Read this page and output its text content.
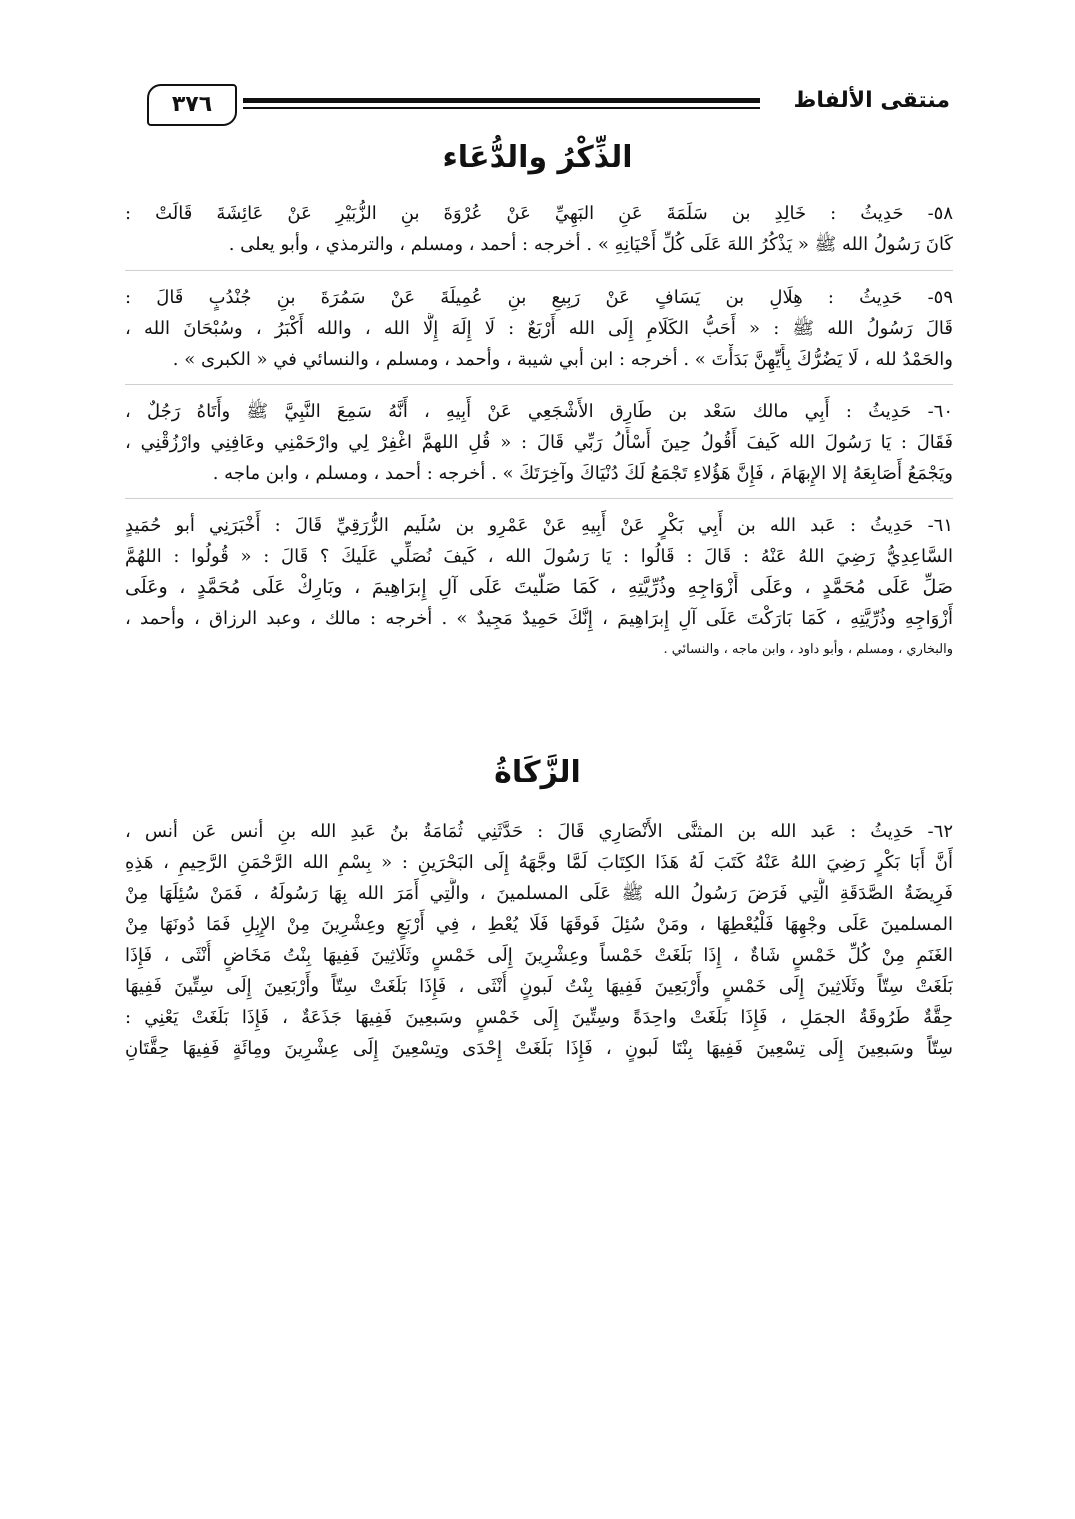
منتقى الألفاظ
٣٧٦
الذِّكْرُ والدُّعَاء
٥٨- حَدِيثُ : خَالِدِ بن سَلَمَةَ عَنِ البَهِيِّ عَنْ عُرْوَةَ بنِ الزُّبَيْرِ عَنْ عَائِشَةَ قَالَتْ :
كَانَ رَسُولُ الله ﷺ « يَذْكُرُ اللهَ عَلَى كُلِّ أَحْيَانِهِ » . أخرجه : أحمد ، ومسلم ، والترمذي ، وأبو يعلى .
٥٩- حَدِيثُ : هِلَالِ بن يَسَافٍ عَنْ رَبِيعِ بنِ عُمِيلَةَ عَنْ سَمُرَةَ بنِ جُنْدُبٍ قَالَ :
قَالَ رَسُولُ الله ﷺ : « أَحَبُّ الكَلَامِ إِلَى الله أَرْبَعٌ : لَا إِلَهَ إِلَّا الله ، والله أَكْبَرُ ، وسُبْحَانَ الله ،
والحَمْدُ لله ، لَا يَضُرُّكَ بِأَيِّهِنَّ بَدَأْتَ » . أخرجه : ابن أبي شيبة ، وأحمد ، ومسلم ، والنسائي في « الكبرى » .
٦٠- حَدِيثُ : أَبِي مالك سَعْد بن طَارِق الأَشْجَعِي عَنْ أَبِيهِ ، أَنَّهُ سَمِعَ النَّبِيَّ ﷺ وأَتَاهُ رَجُلٌ ،
فَقَالَ : يَا رَسُولَ الله كَيفَ أَقُولُ حِينَ أَسْأَلُ رَبِّي قَالَ : « قُلِ اللهمَّ اغْفِرْ لِي وارْحَمْنِي وعَافِنِي وارْزُقْنِي ،
ويَجْمَعُ أَصَابِعَهُ إلا الإِبهَامَ ، فَإِنَّ هَؤُلاءِ تَجْمَعُ لَكَ دُنْيَاكَ وآخِرَتَكَ » . أخرجه : أحمد ، ومسلم ، وابن ماجه .
٦١- حَدِيثُ : عَبد الله بن أَبِي بَكْرٍ عَنْ أَبِيهِ عَنْ عَمْرِو بن سُلَيم الزُّرَقِيِّ قَالَ : أَخْبَرَنِي أبو حُمَيدٍ
السَّاعِدِيُّ رَضِيَ اللهُ عَنْهُ : قَالَ : قَالُوا : يَا رَسُولَ الله ، كَيفَ نُصَلِّي عَلَيكَ ؟ قَالَ : « قُولُوا : اللهُمَّ
صَلِّ عَلَى مُحَمَّدٍ ، وعَلَى أَزْوَاجِهِ وذُرِّيَّتِهِ ، كَمَا صَلَّيتَ عَلَى آلِ إِبرَاهِيمَ ، وبَارِكْ عَلَى مُحَمَّدٍ ، وعَلَى
أَزْوَاجِهِ وذُرِّيَّتِهِ ، كَمَا بَارَكْتَ عَلَى آلِ إِبرَاهِيمَ ، إِنَّكَ حَمِيدٌ مَجِيدٌ » . أخرجه : مالك ، وعبد الرزاق ، وأحمد ،
والبخاري ، ومسلم ، وأبو داود ، وابن ماجه ، والنسائي .
الزَّكَاةُ
٦٢- حَدِيثُ : عَبد الله بن المثنَّى الأَنْصَارِي قَالَ : حَدَّثَنِي ثُمَامَةُ بنُ عَبدِ الله بنِ أنس عَن أنس ،
أَنَّ أَبَا بَكْرٍ رَضِيَ اللهُ عَنْهُ كَتَبَ لَهُ هَذَا الكِتَابَ لَمَّا وجَّهَهُ إِلَى البَحْرَينِ : « بِسْمِ الله الرَّحْمَنِ الرَّحِيمِ ، هَذِهِ
فَرِيضَةُ الصَّدَقَةِ الَّتِي فَرَضَ رَسُولُ الله ﷺ عَلَى المسلمينَ ، والَّتِي أَمَرَ الله بِهَا رَسُولَهُ ، فَمَنْ سُئِلَهَا مِنْ
المسلمينَ عَلَى وجْهِهَا فَلْيُعْطِهَا ، ومَنْ سُئِلَ فَوقَهَا فَلَا يُعْطِ ، فِي أَرْبَعٍ وعِشْرِينَ مِنْ الإِبِلِ فَمَا دُونَهَا مِنْ
الغَنَمِ مِنْ كُلِّ خَمْسٍ شَاةٌ ، إِذَا بَلَغَتْ خَمْساً وعِشْرِينَ إِلَى خَمْسٍ وثَلَاثِينَ فَفِيهَا بِنْتُ مَخَاضٍ أُنْثَى ، فَإِذَا
بَلَغَتْ سِتّاً وثَلَاثِينَ إِلَى خَمْسٍ وأَرْبَعِينَ فَفِيهَا بِنْتُ لَبونٍ أُنْثَى ، فَإِذَا بَلَغَتْ سِتّاً وأَرْبَعِينَ إِلَى سِتِّينَ فَفِيهَا
حِقَّةٌ طَرُوقَةُ الجمَلِ ، فَإِذَا بَلَغَتْ واحِدَةً وسِتِّينَ إِلَى خَمْسٍ وسَبعِينَ فَفِيهَا جَذَعَةٌ ، فَإِذَا بَلَغَتْ يَعْنِي :
سِتّاً وسَبعِينَ إِلَى تِسْعِينَ فَفِيهَا بِنْتَا لَبونٍ ، فَإِذَا بَلَغَتْ إِحْدَى وتِسْعِينَ إِلَى عِشْرِينَ ومِائَةٍ فَفِيهَا حِقَّتَانِ
